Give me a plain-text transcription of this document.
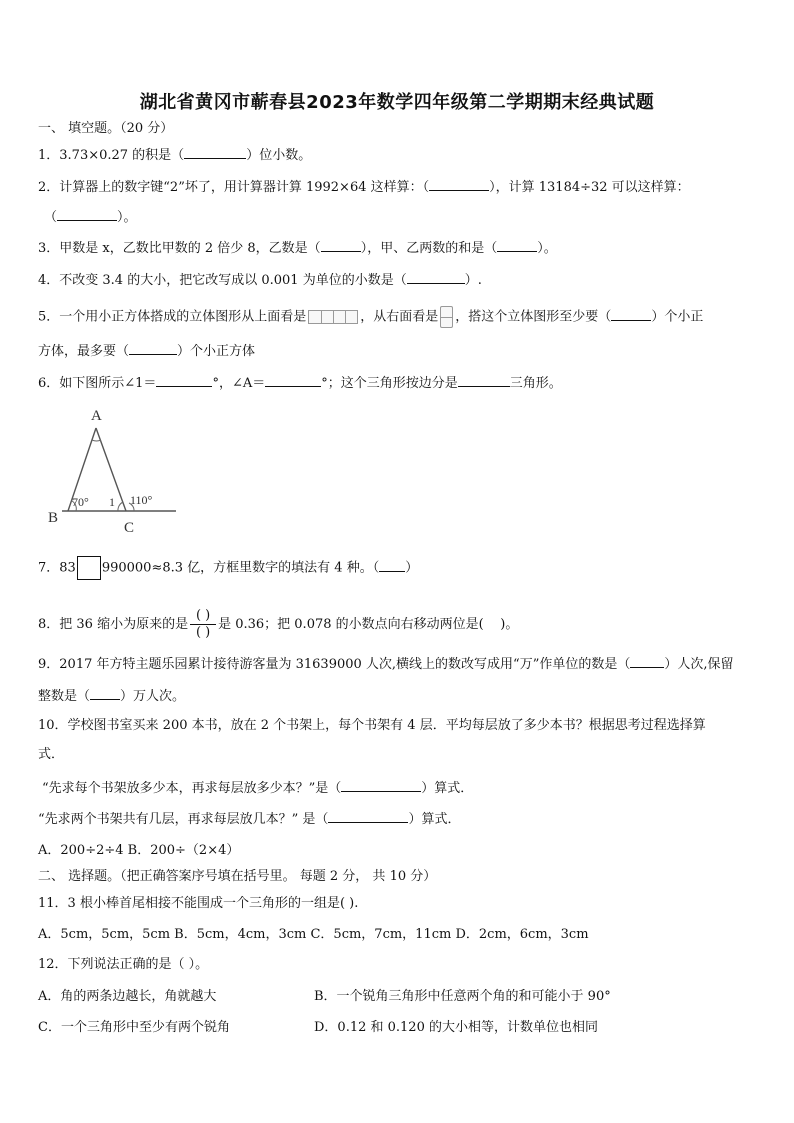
湖北省黄冈市蕲春县2023年数学四年级第二学期期末经典试题
一、 填空题。（20 分）
1．3.73×0.27 的积是（	）位小数。
2．计算器上的数字键“2”坏了，用计算器计算 1992×64 这样算：（	），计算 13184÷32 可以这样算：
（	）。
3．甲数是 x，乙数比甲数的 2 倍少 8，乙数是（	），甲、乙两数的和是（	）。
4．不改变 3.4 的大小，把它改写成以 0.001 为单位的小数是（	）.
5．一个用小正方体搭成的立体图形从上面看是	，从右面看是 ，搭这个立体图形至少要（	）个小正
方体，最多要（	）个小正方体
6．如下图所示∠1＝	°，∠A＝	°；这个三角形按边分是	三角形。
A
B
C
70° 1 110°
7．83 990000≈8.3 亿，方框里数字的填法有 4 种。（ ）
8．把 36 缩小为原来的是 $\frac{( )}{( )}$ 是 0.36；把 0.078 的小数点向右移动两位是( )。
9．2017 年方特主题乐园累计接待游客量为 31639000 人次,横线上的数改写成用“万”作单位的数是（	）人次,保留
整数是（ ）万人次。
10．学校图书室买来 200 本书，放在 2 个书架上，每个书架有 4 层．平均每层放了多少本书？根据思考过程选择算
式．
“先求每个书架放多少本，再求每层放多少本？”是（	）算式．
“先求两个书架共有几层，再求每层放几本？” 是（	）算式．
A．200÷2÷4 B．200÷（2×4）
二、 选择题。（把正确答案序号填在括号里。 每题 2 分， 共 10 分）
11．3 根小棒首尾相接不能围成一个三角形的一组是( ).
A．5cm，5cm，5cm B．5cm，4cm，3cm C．5cm，7cm，11cm D．2cm，6cm，3cm
12．下列说法正确的是（ ）。
A．角的两条边越长，角就越大	B．一个锐角三角形中任意两个角的和可能小于 90°
C．一个三角形中至少有两个锐角	D．0.12 和 0.120 的大小相等，计数单位也相同
